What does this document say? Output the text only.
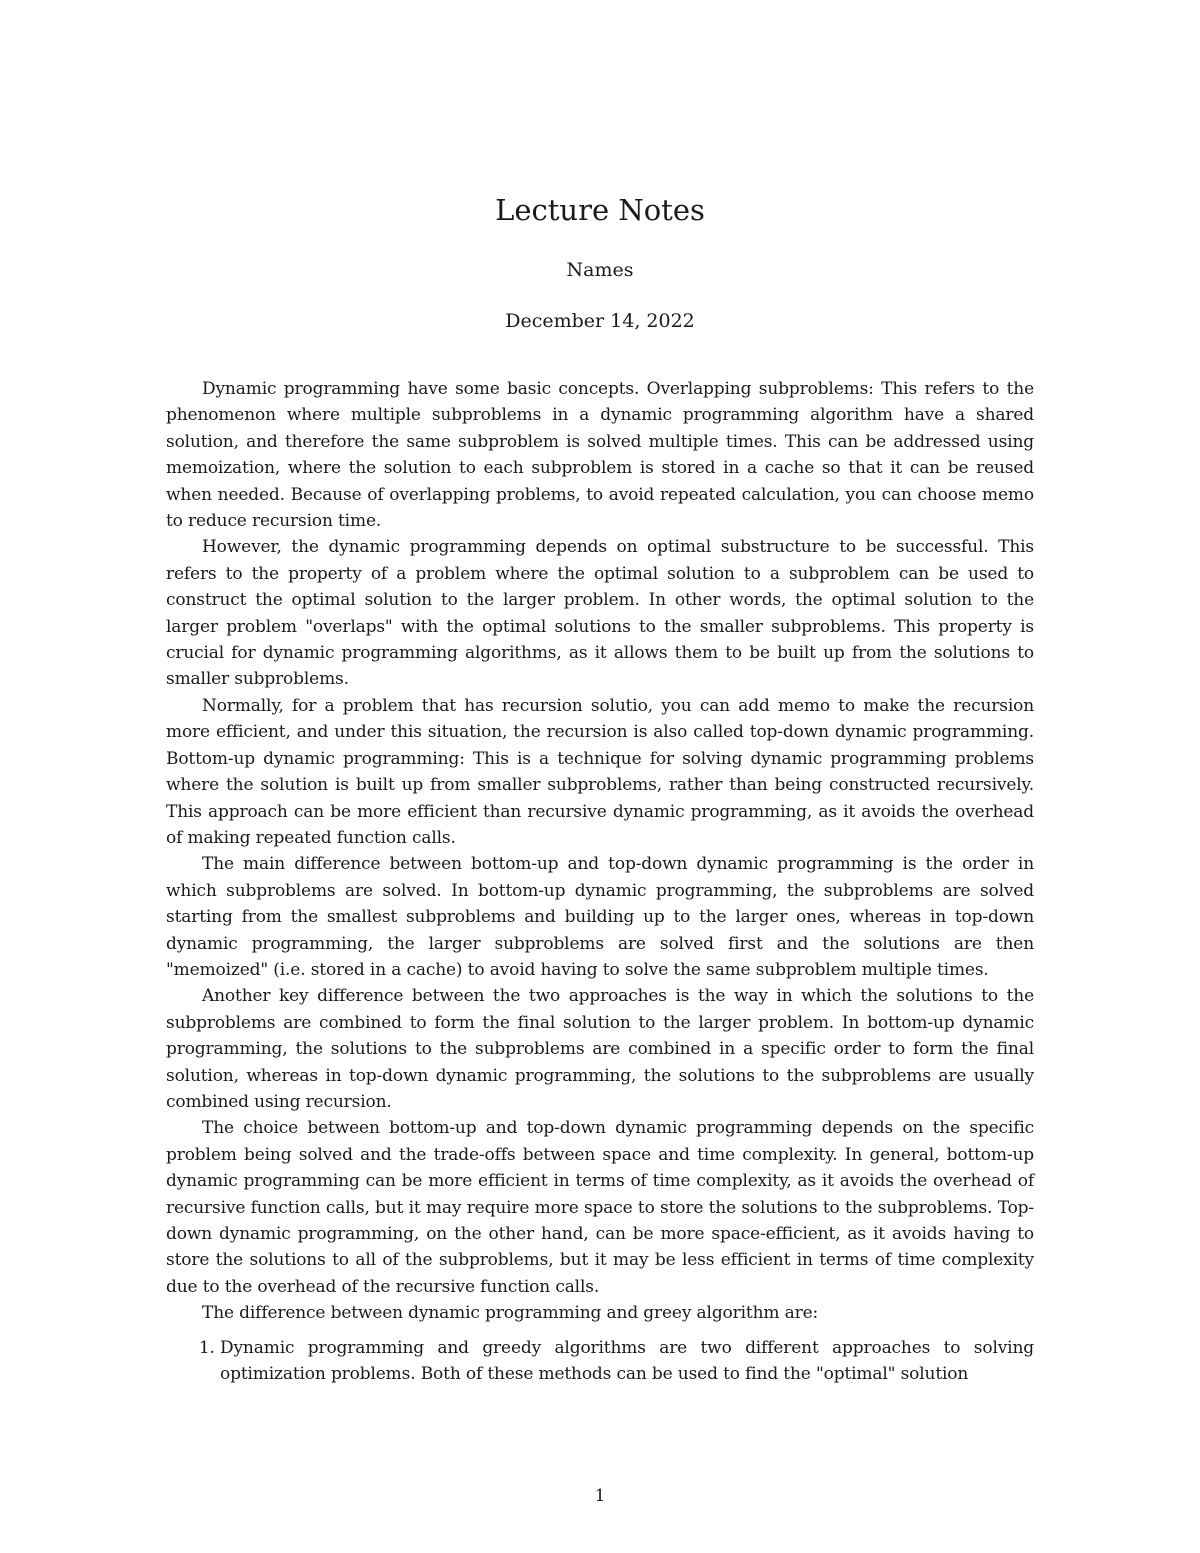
Lecture Notes
Names
December 14, 2022

Dynamic programming have some basic concepts. Overlapping subproblems: This refers to the phenomenon where multiple subproblems in a dynamic programming algorithm have a shared solution, and therefore the same subproblem is solved multiple times. This can be addressed using memoization, where the solution to each subproblem is stored in a cache so that it can be reused when needed. Because of overlapping problems, to avoid repeated calculation, you can choose memo to reduce recursion time.

However, the dynamic programming depends on optimal substructure to be successful. This refers to the property of a problem where the optimal solution to a subproblem can be used to construct the optimal solution to the larger problem. In other words, the optimal solution to the larger problem "overlaps" with the optimal solutions to the smaller subproblems. This property is crucial for dynamic programming algorithms, as it allows them to be built up from the solutions to smaller subproblems.

Normally, for a problem that has recursion solutio, you can add memo to make the recursion more efficient, and under this situation, the recursion is also called top-down dynamic programming. Bottom-up dynamic programming: This is a technique for solving dynamic programming problems where the solution is built up from smaller subproblems, rather than being constructed recursively. This approach can be more efficient than recursive dynamic programming, as it avoids the overhead of making repeated function calls.

The main difference between bottom-up and top-down dynamic programming is the order in which subproblems are solved. In bottom-up dynamic programming, the subproblems are solved starting from the smallest subproblems and building up to the larger ones, whereas in top-down dynamic programming, the larger subproblems are solved first and the solutions are then "memoized" (i.e. stored in a cache) to avoid having to solve the same subproblem multiple times.

Another key difference between the two approaches is the way in which the solutions to the subproblems are combined to form the final solution to the larger problem. In bottom-up dynamic programming, the solutions to the subproblems are combined in a specific order to form the final solution, whereas in top-down dynamic programming, the solutions to the subproblems are usually combined using recursion.

The choice between bottom-up and top-down dynamic programming depends on the specific problem being solved and the trade-offs between space and time complexity. In general, bottom-up dynamic programming can be more efficient in terms of time complexity, as it avoids the overhead of recursive function calls, but it may require more space to store the solutions to the subproblems. Top-down dynamic programming, on the other hand, can be more space-efficient, as it avoids having to store the solutions to all of the subproblems, but it may be less efficient in terms of time complexity due to the overhead of the recursive function calls.

The difference between dynamic programming and greey algorithm are:

1. Dynamic programming and greedy algorithms are two different approaches to solving optimization problems. Both of these methods can be used to find the "optimal" solution
1
